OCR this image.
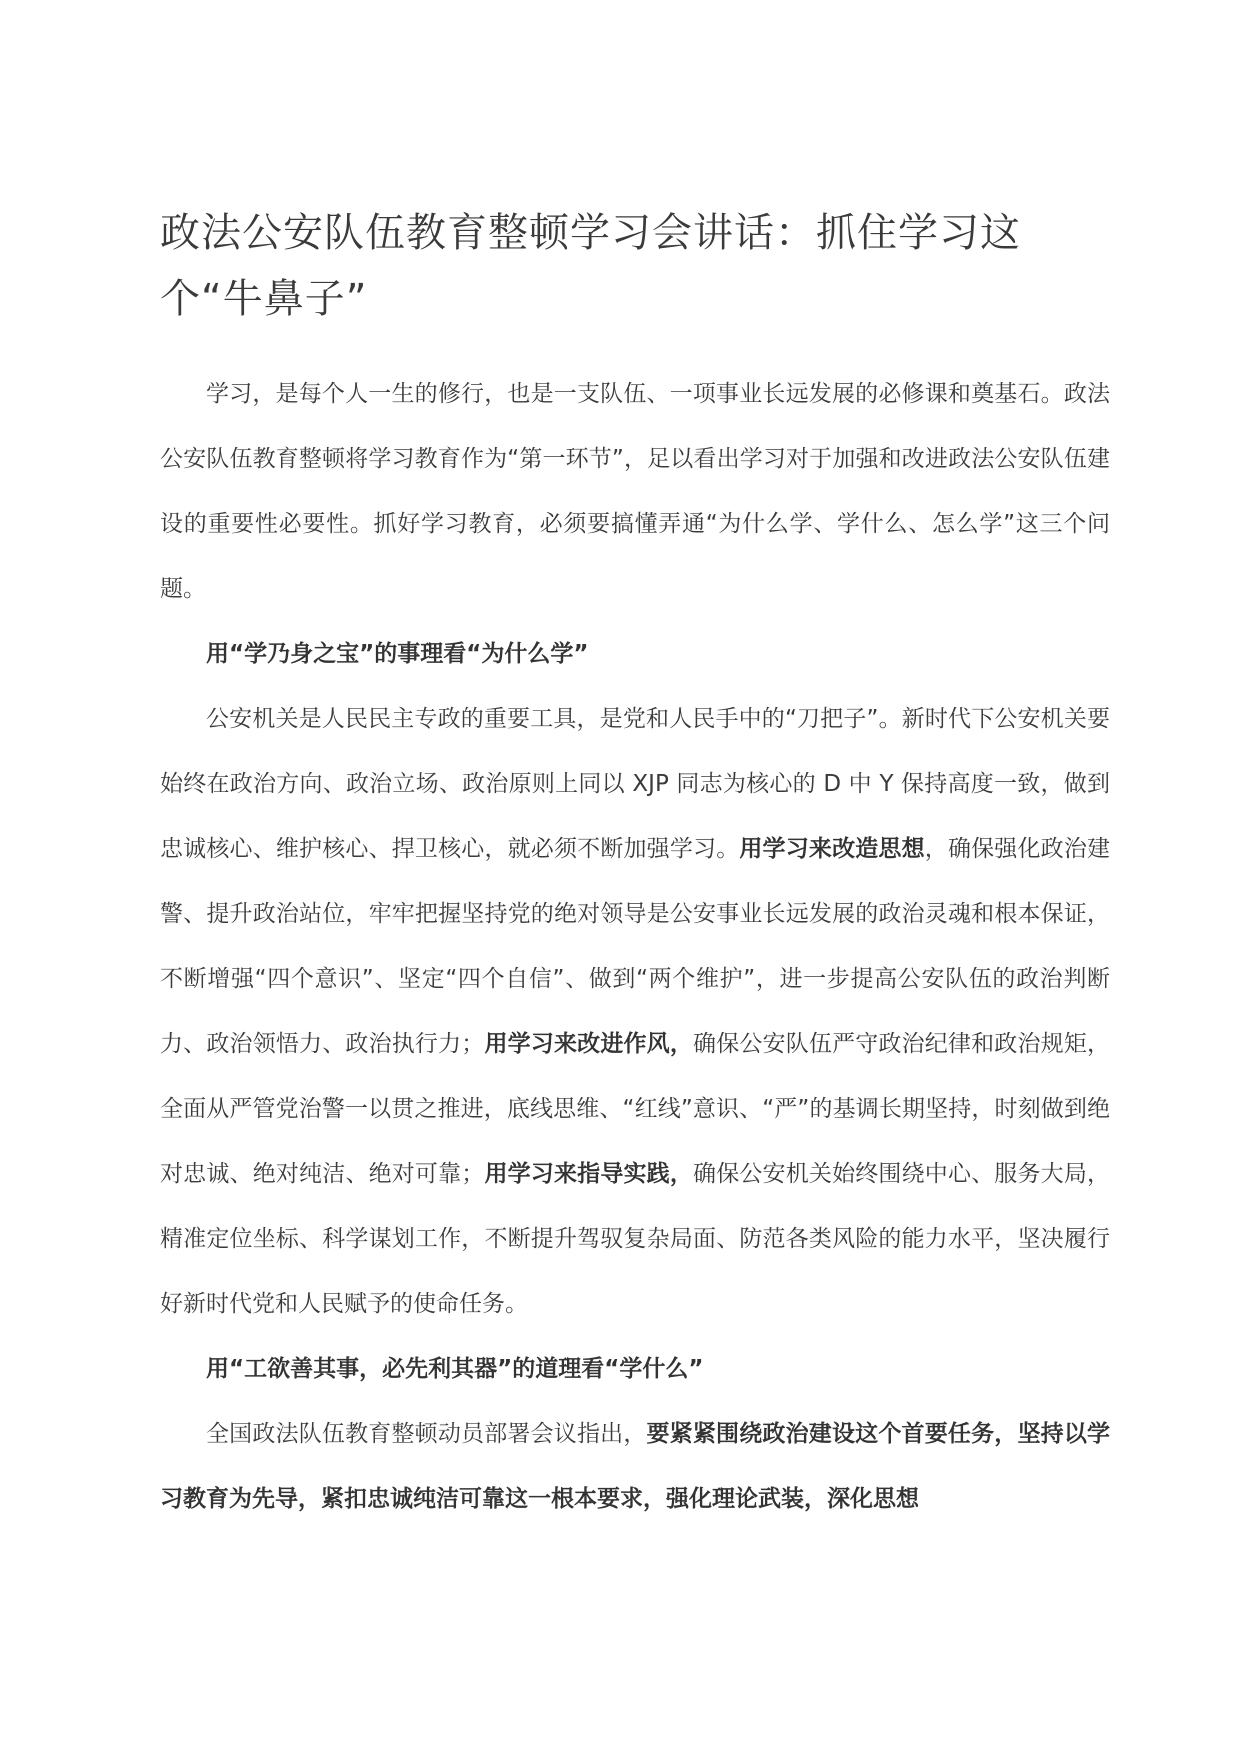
政法公安队伍教育整顿学习会讲话：抓住学习这个“牛鼻子”

学习，是每个人一生的修行，也是一支队伍、一项事业长远发展的必修课和奠基石。政法公安队伍教育整顿将学习教育作为“第一环节”，足以看出学习对于加强和改进政法公安队伍建设的重要性必要性。抓好学习教育，必须要搞懂弄通“为什么学、学什么、怎么学”这三个问题。

用“学乃身之宝”的事理看“为什么学”

公安机关是人民民主专政的重要工具，是党和人民手中的“刀把子”。新时代下公安机关要始终在政治方向、政治立场、政治原则上同以 XJP 同志为核心的 D 中 Y 保持高度一致，做到忠诚核心、维护核心、捍卫核心，就必须不断加强学习。用学习来改造思想，确保强化政治建警、提升政治站位，牢牢把握坚持党的绝对领导是公安事业长远发展的政治灵魂和根本保证，不断增强“四个意识”、坚定“四个自信”、做到“两个维护”，进一步提高公安队伍的政治判断力、政治领悟力、政治执行力；用学习来改进作风，确保公安队伍严守政治纪律和政治规矩，全面从严管党治警一以贯之推进，底线思维、“红线”意识、“严”的基调长期坚持，时刻做到绝对忠诚、绝对纯洁、绝对可靠；用学习来指导实践，确保公安机关始终围绕中心、服务大局，精准定位坐标、科学谋划工作，不断提升驾驭复杂局面、防范各类风险的能力水平，坚决履行好新时代党和人民赋予的使命任务。

用“工欲善其事，必先利其器”的道理看“学什么”

全国政法队伍教育整顿动员部署会议指出，要紧紧围绕政治建设这个首要任务，坚持以学习教育为先导，紧扣忠诚纯洁可靠这一根本要求，强化理论武装，深化思想
